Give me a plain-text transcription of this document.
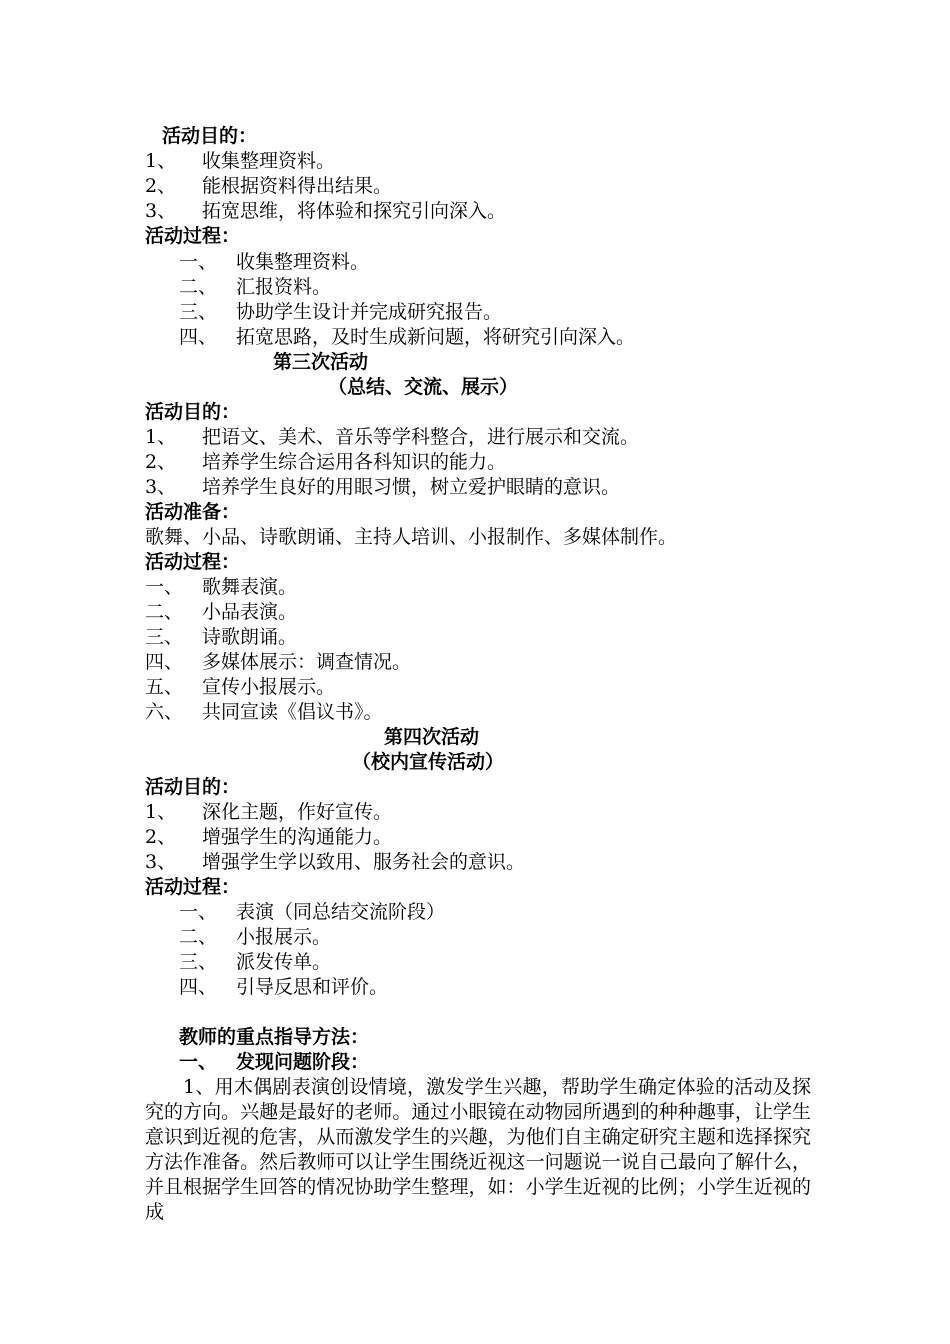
活动目的：
1、 收集整理资料。
2、 能根据资料得出结果。
3、 拓宽思维，将体验和探究引向深入。
活动过程：
一、 收集整理资料。
二、 汇报资料。
三、 协助学生设计并完成研究报告。
四、 拓宽思路，及时生成新问题，将研究引向深入。
第三次活动
（总结、交流、展示）
活动目的：
1、 把语文、美术、音乐等学科整合，进行展示和交流。
2、 培养学生综合运用各科知识的能力。
3、 培养学生良好的用眼习惯，树立爱护眼睛的意识。
活动准备：
歌舞、小品、诗歌朗诵、主持人培训、小报制作、多媒体制作。
活动过程：
一、 歌舞表演。
二、 小品表演。
三、 诗歌朗诵。
四、 多媒体展示：调查情况。
五、 宣传小报展示。
六、 共同宣读《倡议书》。
第四次活动
（校内宣传活动）
活动目的：
1、 深化主题，作好宣传。
2、 增强学生的沟通能力。
3、 增强学生学以致用、服务社会的意识。
活动过程：
一、 表演（同总结交流阶段）
二、 小报展示。
三、 派发传单。
四、 引导反思和评价。
教师的重点指导方法：
一、 发现问题阶段：
1、用木偶剧表演创设情境，激发学生兴趣，帮助学生确定体验的活动及探究的方向。兴趣是最好的老师。通过小眼镜在动物园所遇到的种种趣事，让学生意识到近视的危害，从而激发学生的兴趣，为他们自主确定研究主题和选择探究方法作准备。然后教师可以让学生围绕近视这一问题说一说自己最向了解什么，并且根据学生回答的情况协助学生整理，如：小学生近视的比例；小学生近视的成
